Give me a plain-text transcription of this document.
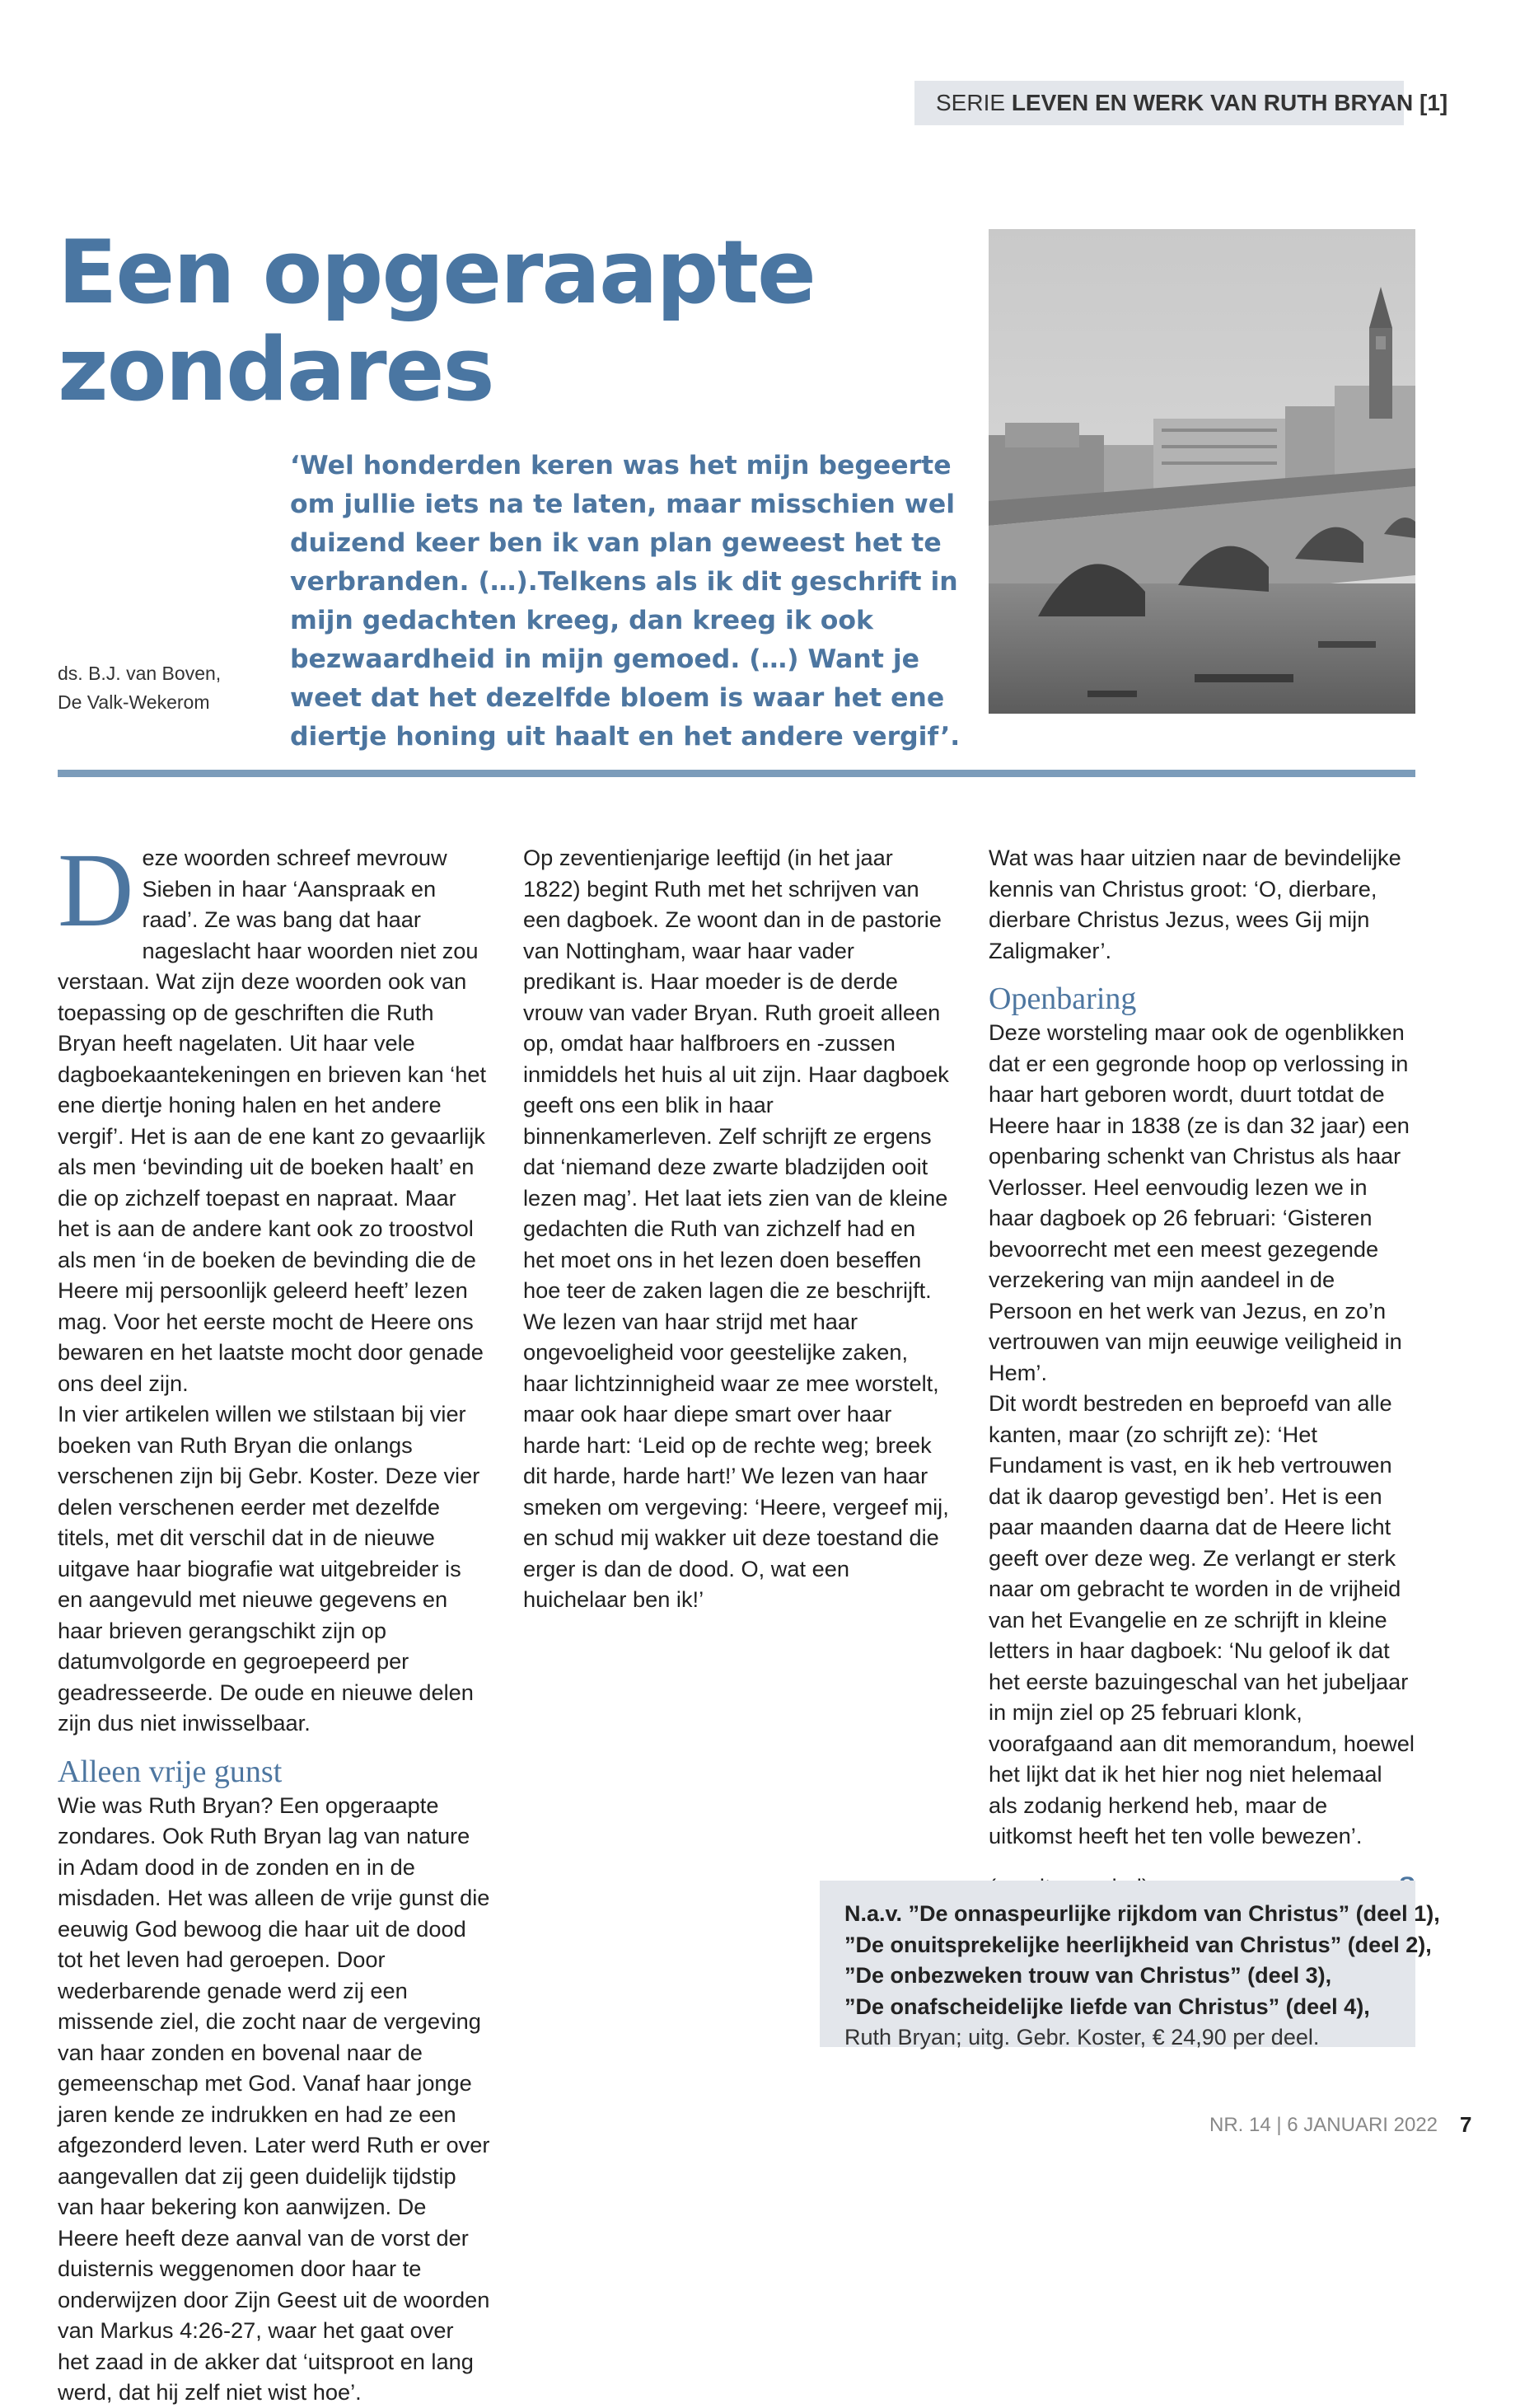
SERIE LEVEN EN WERK VAN RUTH BRYAN [1]
Een opgeraapte
zondares
‘Wel honderden keren was het mijn begeerte om jullie iets na te laten, maar misschien wel duizend keer ben ik van plan geweest het te verbranden. (…).Telkens als ik dit geschrift in mijn gedachten kreeg, dan kreeg ik ook bezwaardheid in mijn gemoed. (…) Want je weet dat het dezelfde bloem is waar het ene diertje honing uit haalt en het andere vergif’.
ds. B.J. van Boven,
De Valk-Wekerom

Deze woorden schreef mevrouw Sieben in haar ‘Aanspraak en raad’. Ze was bang dat haar nageslacht haar woorden niet zou verstaan. Wat zijn deze woorden ook van toepassing op de geschriften die Ruth Bryan heeft nagelaten. Uit haar vele dagboekaantekeningen en brieven kan ‘het ene diertje honing halen en het andere vergif’. Het is aan de ene kant zo gevaarlijk als men ‘bevinding uit de boeken haalt’ en die op zichzelf toepast en napraat. Maar het is aan de andere kant ook zo troostvol als men ‘in de boeken de bevinding die de Heere mij persoonlijk geleerd heeft’ lezen mag. Voor het eerste mocht de Heere ons bewaren en het laatste mocht door genade ons deel zijn.

In vier artikelen willen we stilstaan bij vier boeken van Ruth Bryan die onlangs verschenen zijn bij Gebr. Koster. Deze vier delen verschenen eerder met dezelfde titels, met dit verschil dat in de nieuwe uitgave haar biografie wat uitgebreider is en aangevuld met nieuwe gegevens en haar brieven gerangschikt zijn op datumvolgorde en gegroepeerd per geadresseerde. De oude en nieuwe delen zijn dus niet inwisselbaar.

Alleen vrije gunst

Wie was Ruth Bryan? Een opgeraapte zondares. Ook Ruth Bryan lag van nature in Adam dood in de zonden en in de misdaden. Het was alleen de vrije gunst die eeuwig God bewoog die haar uit de dood tot het leven had geroepen. Door wederbarende genade werd zij een missende ziel, die zocht naar de vergeving van haar zonden en bovenal naar de gemeenschap met God. Vanaf haar jonge jaren kende ze indrukken en had ze een afgezonderd leven. Later werd Ruth er over aangevallen dat zij geen duidelijk tijdstip van haar bekering kon aanwijzen. De Heere heeft deze aanval van de vorst der duisternis weggenomen door haar te onderwijzen door Zijn Geest uit de woorden van Markus 4:26-27, waar het gaat over het zaad in de akker dat ‘uitsproot en lang werd, dat hij zelf niet wist hoe’.

Op zeventienjarige leeftijd (in het jaar 1822) begint Ruth met het schrijven van een dagboek. Ze woont dan in de pastorie van Nottingham, waar haar vader predikant is. Haar moeder is de derde vrouw van vader Bryan. Ruth groeit alleen op, omdat haar halfbroers en -zussen inmiddels het huis al uit zijn. Haar dagboek geeft ons een blik in haar binnenkamerleven. Zelf schrijft ze ergens dat ‘niemand deze zwarte bladzijden ooit lezen mag’. Het laat iets zien van de kleine gedachten die Ruth van zichzelf had en het moet ons in het lezen doen beseffen hoe teer de zaken lagen die ze beschrijft.

We lezen van haar strijd met haar ongevoeligheid voor geestelijke zaken, haar lichtzinnigheid waar ze mee worstelt, maar ook haar diepe smart over haar harde hart: ‘Leid op de rechte weg; breek dit harde, harde hart!’ We lezen van haar smeken om vergeving: ‘Heere, vergeef mij, en schud mij wakker uit deze toestand die erger is dan de dood. O, wat een huichelaar ben ik!’

Wat was haar uitzien naar de bevindelijke kennis van Christus groot: ‘O, dierbare, dierbare Christus Jezus, wees Gij mijn Zaligmaker’.

Openbaring

Deze worsteling maar ook de ogenblikken dat er een gegronde hoop op verlossing in haar hart geboren wordt, duurt totdat de Heere haar in 1838 (ze is dan 32 jaar) een openbaring schenkt van Christus als haar Verlosser. Heel eenvoudig lezen we in haar dagboek op 26 februari: ‘Gisteren bevoorrecht met een meest gezegende verzekering van mijn aandeel in de Persoon en het werk van Jezus, en zo’n vertrouwen van mijn eeuwige veiligheid in Hem’.

Dit wordt bestreden en beproefd van alle kanten, maar (zo schrijft ze): ‘Het Fundament is vast, en ik heb vertrouwen dat ik daarop gevestigd ben’. Het is een paar maanden daarna dat de Heere licht geeft over deze weg. Ze verlangt er sterk naar om gebracht te worden in de vrijheid van het Evangelie en ze schrijft in kleine letters in haar dagboek: ‘Nu geloof ik dat het eerste bazuingeschal van het jubeljaar in mijn ziel op 25 februari klonk, voorafgaand aan dit memorandum, hoewel het lijkt dat ik het hier nog niet helemaal als zodanig herkend heb, maar de uitkomst heeft het ten volle bewezen’.

N.a.v. ”De onnaspeurlijke rijkdom van Christus” (deel 1),
”De onuitsprekelijke heerlijkheid van Christus” (deel 2),
”De onbezweken trouw van Christus” (deel 3),
”De onafscheidelijke liefde van Christus” (deel 4),
Ruth Bryan; uitg. Gebr. Koster, € 24,90 per deel.
NR. 14 | 6 JANUARI 2022 7
